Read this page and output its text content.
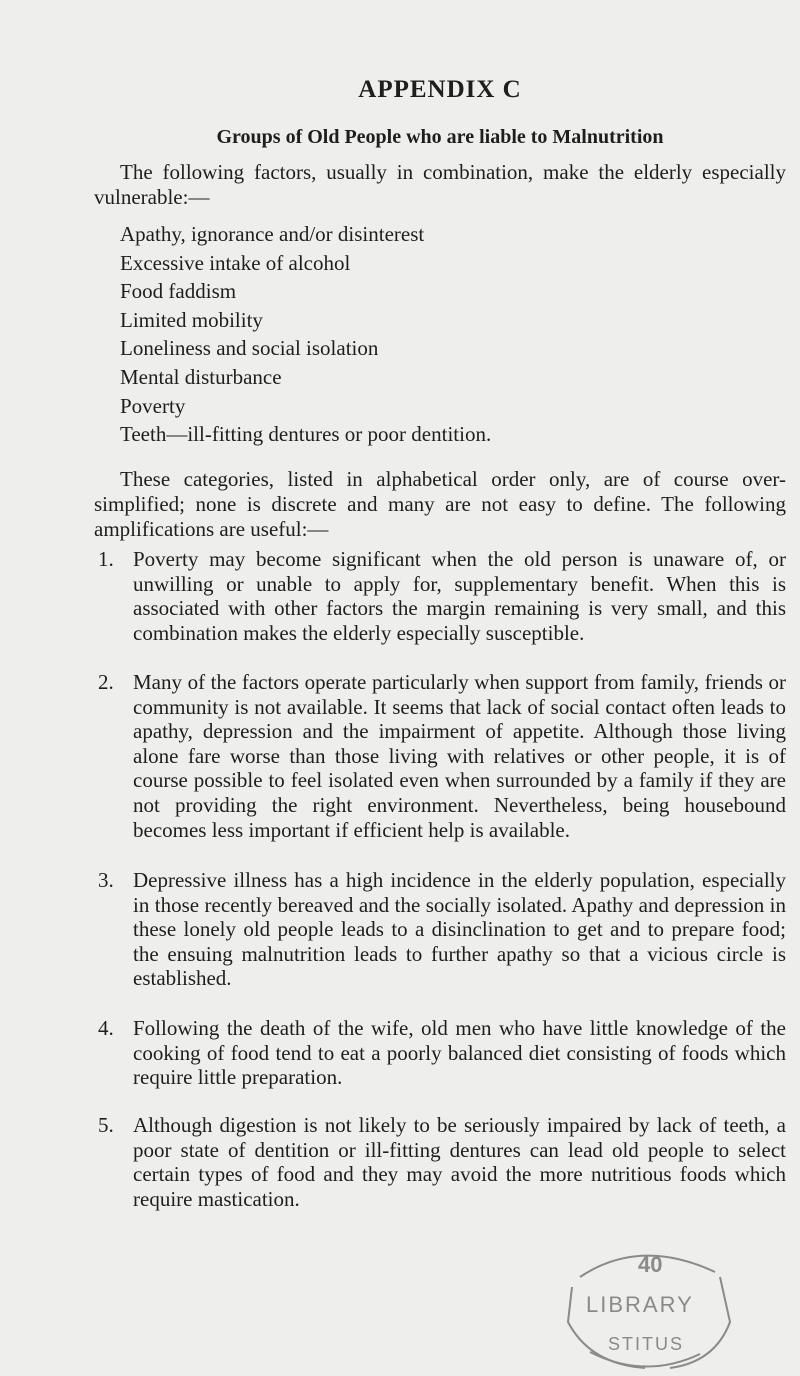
APPENDIX C
Groups of Old People who are liable to Malnutrition
The following factors, usually in combination, make the elderly especially vulnerable:—
Apathy, ignorance and/or disinterest
Excessive intake of alcohol
Food faddism
Limited mobility
Loneliness and social isolation
Mental disturbance
Poverty
Teeth—ill-fitting dentures or poor dentition.
These categories, listed in alphabetical order only, are of course over-simplified; none is discrete and many are not easy to define. The following amplifications are useful:—
1. Poverty may become significant when the old person is unaware of, or unwilling or unable to apply for, supplementary benefit. When this is associated with other factors the margin remaining is very small, and this combination makes the elderly especially susceptible.
2. Many of the factors operate particularly when support from family, friends or community is not available. It seems that lack of social contact often leads to apathy, depression and the impairment of appetite. Although those living alone fare worse than those living with relatives or other people, it is of course possible to feel isolated even when surrounded by a family if they are not providing the right environment. Nevertheless, being housebound becomes less important if efficient help is available.
3. Depressive illness has a high incidence in the elderly population, especially in those recently bereaved and the socially isolated. Apathy and depression in these lonely old people leads to a disinclination to get and to prepare food; the ensuing malnutrition leads to further apathy so that a vicious circle is established.
4. Following the death of the wife, old men who have little knowledge of the cooking of food tend to eat a poorly balanced diet consisting of foods which require little preparation.
5. Although digestion is not likely to be seriously impaired by lack of teeth, a poor state of dentition or ill-fitting dentures can lead old people to select certain types of food and they may avoid the more nutritious foods which require mastication.
40
LIBRARY
STITUS
